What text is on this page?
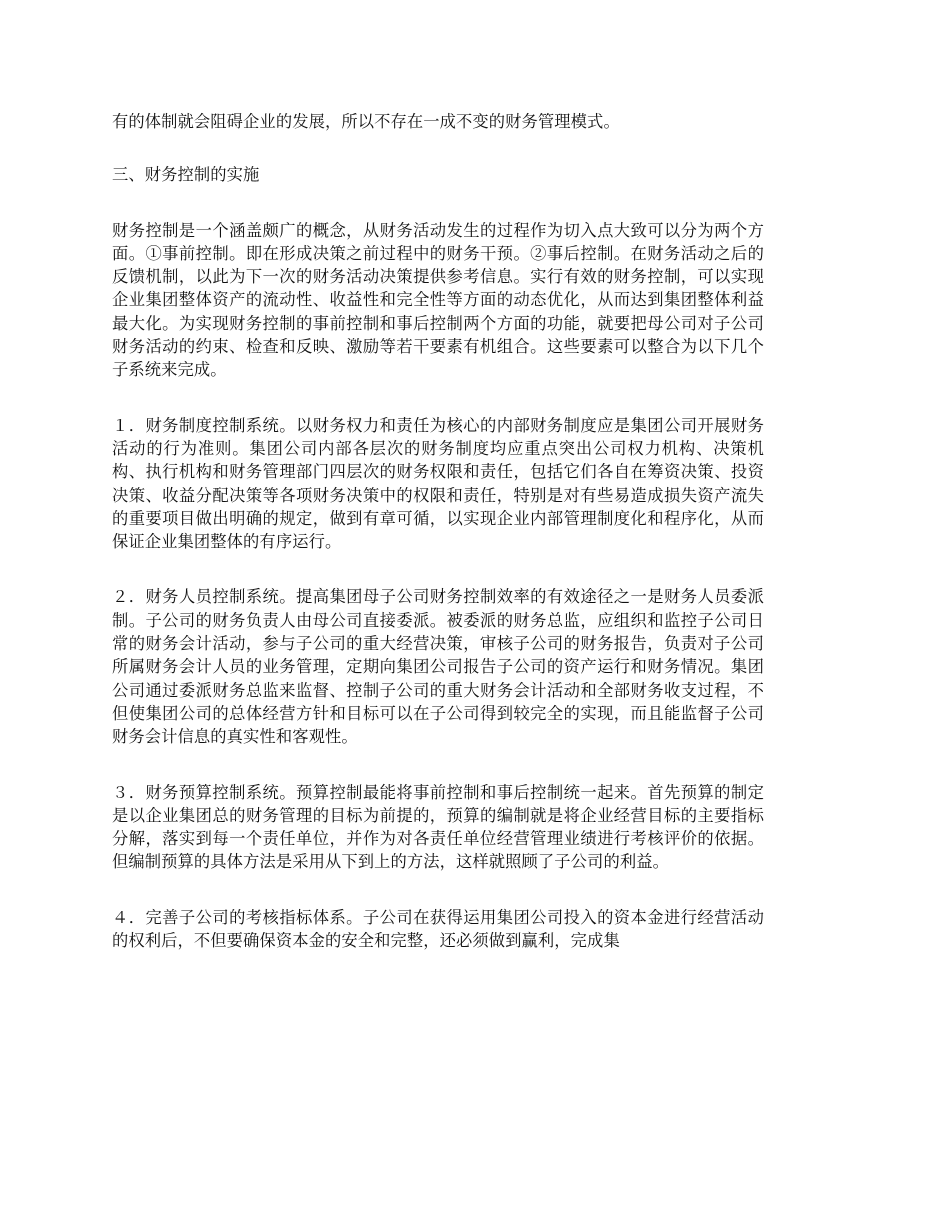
有的体制就会阻碍企业的发展，所以不存在一成不变的财务管理模式。

三、财务控制的实施

财务控制是一个涵盖颇广的概念，从财务活动发生的过程作为切入点大致可以分为两个方面。①事前控制。即在形成决策之前过程中的财务干预。②事后控制。在财务活动之后的反馈机制，以此为下一次的财务活动决策提供参考信息。实行有效的财务控制，可以实现企业集团整体资产的流动性、收益性和完全性等方面的动态优化，从而达到集团整体利益最大化。为实现财务控制的事前控制和事后控制两个方面的功能，就要把母公司对子公司财务活动的约束、检查和反映、激励等若干要素有机组合。这些要素可以整合为以下几个子系统来完成。

１．财务制度控制系统。以财务权力和责任为核心的内部财务制度应是集团公司开展财务活动的行为准则。集团公司内部各层次的财务制度均应重点突出公司权力机构、决策机构、执行机构和财务管理部门四层次的财务权限和责任，包括它们各自在筹资决策、投资决策、收益分配决策等各项财务决策中的权限和责任，特别是对有些易造成损失资产流失的重要项目做出明确的规定，做到有章可循，以实现企业内部管理制度化和程序化，从而保证企业集团整体的有序运行。

２．财务人员控制系统。提高集团母子公司财务控制效率的有效途径之一是财务人员委派制。子公司的财务负责人由母公司直接委派。被委派的财务总监，应组织和监控子公司日常的财务会计活动，参与子公司的重大经营决策，审核子公司的财务报告，负责对子公司所属财务会计人员的业务管理，定期向集团公司报告子公司的资产运行和财务情况。集团公司通过委派财务总监来监督、控制子公司的重大财务会计活动和全部财务收支过程，不但使集团公司的总体经营方针和目标可以在子公司得到较完全的实现，而且能监督子公司财务会计信息的真实性和客观性。

３．财务预算控制系统。预算控制最能将事前控制和事后控制统一起来。首先预算的制定是以企业集团总的财务管理的目标为前提的，预算的编制就是将企业经营目标的主要指标分解，落实到每一个责任单位，并作为对各责任单位经营管理业绩进行考核评价的依据。但编制预算的具体方法是采用从下到上的方法，这样就照顾了子公司的利益。

４．完善子公司的考核指标体系。子公司在获得运用集团公司投入的资本金进行经营活动的权利后，不但要确保资本金的安全和完整，还必须做到赢利，完成集
